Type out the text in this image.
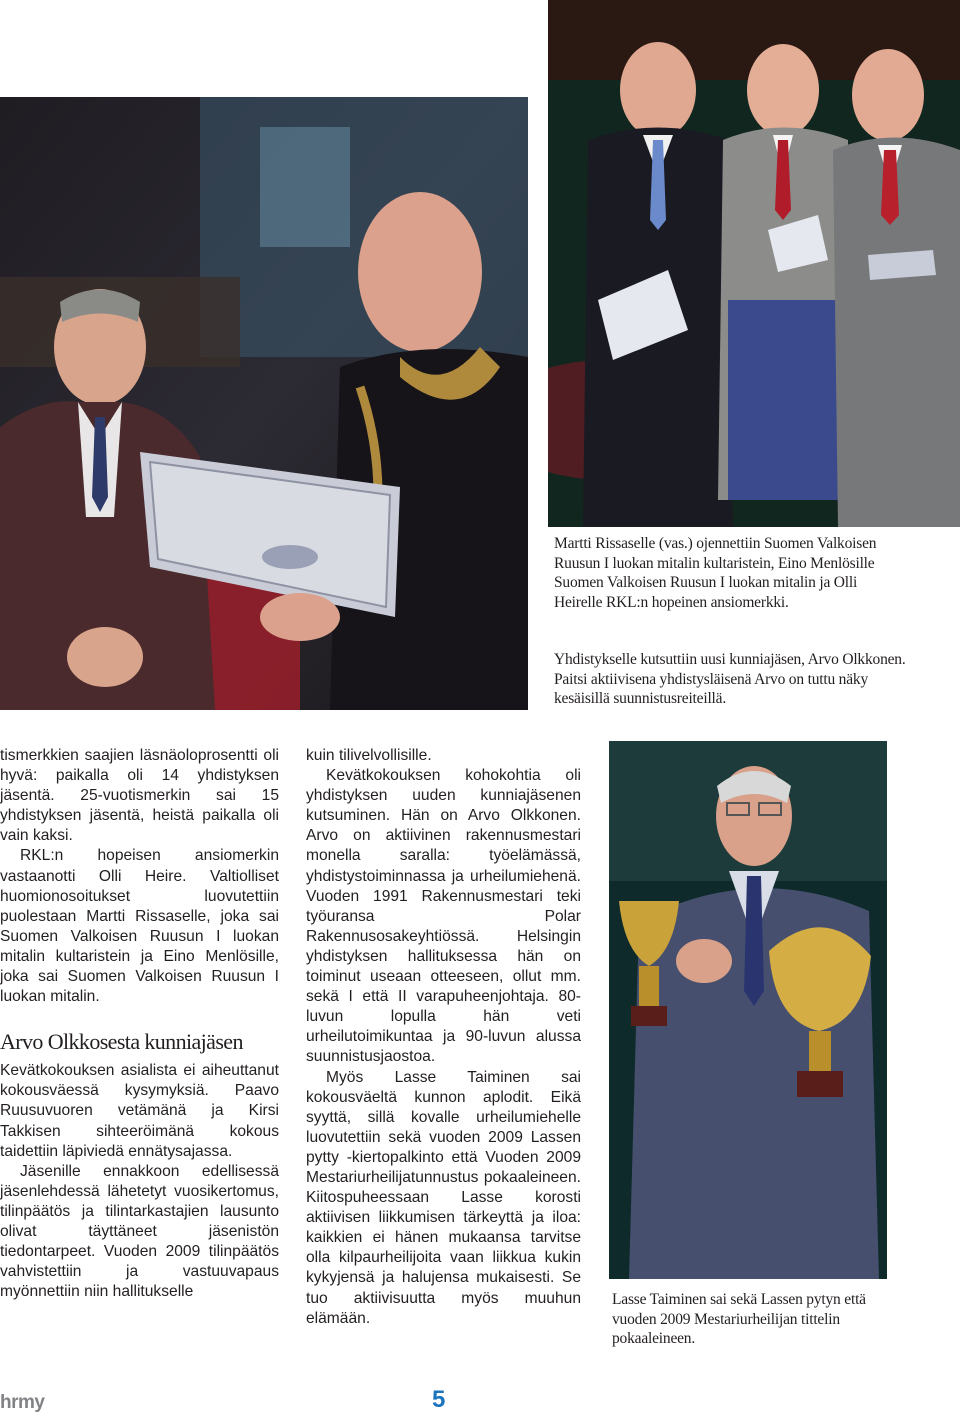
Martti Rissaselle (vas.) ojennettiin Suomen Valkoisen Ruusun I luokan mitalin kultaristein, Eino Menlösille Suomen Valkoisen Ruusun I luokan mitalin ja Olli Heirelle RKL:n hopeinen ansiomerkki.
Yhdistykselle kutsuttiin uusi kunniajäsen, Arvo Olkkonen. Paitsi aktiivisena yhdistysläisenä Arvo on tuttu näky kesäisillä suunnistusreiteillä.

tismerkkien saajien läsnäoloprosentti oli hyvä: paikalla oli 14 yhdistyksen jäsentä. 25-vuotismerkin sai 15 yhdistyksen jäsentä, heistä paikalla oli vain kaksi.

RKL:n hopeisen ansiomerkin vastaanotti Olli Heire. Valtiolliset huomionosoitukset luovutettiin puolestaan Martti Rissaselle, joka sai Suomen Valkoisen Ruusun I luokan mitalin kultaristein ja Eino Menlösille, joka sai Suomen Valkoisen Ruusun I luokan mitalin.

Arvo Olkkosesta kunniajäsen

Kevätkokouksen asialista ei aiheuttanut kokousväessä kysymyksiä. Paavo Ruusuvuoren vetämänä ja Kirsi Takkisen sihteeröimänä kokous taidettiin läpiviedä ennätysajassa.

Jäsenille ennakkoon edellisessä jäsenlehdessä lähetetyt vuosikertomus, tilinpäätös ja tilintarkastajien lausunto olivat täyttäneet jäsenistön tiedontarpeet. Vuoden 2009 tilinpäätös vahvistettiin ja vastuuvapaus myönnettiin niin hallitukselle

kuin tilivelvollisille.

Kevätkokouksen kohokohtia oli yhdistyksen uuden kunniajäsenen kutsuminen. Hän on Arvo Olkkonen. Arvo on aktiivinen rakennusmestari monella saralla: työelämässä, yhdistystoiminnassa ja urheilumiehenä. Vuoden 1991 Rakennusmestari teki työuransa Polar Rakennusosakeyhtiössä. Helsingin yhdistyksen hallituksessa hän on toiminut useaan otteeseen, ollut mm. sekä I että II varapuheenjohtaja. 80-luvun lopulla hän veti urheilutoimikuntaa ja 90-luvun alussa suunnistusjaostoa.

Myös Lasse Taiminen sai kokousväeltä kunnon aplodit. Eikä syyttä, sillä kovalle urheilumiehelle luovutettiin sekä vuoden 2009 Lassen pytty -kiertopalkinto että Vuoden 2009 Mestariurheilijatunnustus pokaaleineen. Kiitospuheessaan Lasse korosti aktiivisen liikkumisen tärkeyttä ja iloa: kaikkien ei hänen mukaansa tarvitse olla kilpaurheilijoita vaan liikkua kukin kykyjensä ja halujensa mukaisesti. Se tuo aktiivisuutta myös muuhun elämään.

Lasse Taiminen sai sekä Lassen pytyn että vuoden 2009 Mestariurheilijan tittelin pokaaleineen.
hrmy	5
